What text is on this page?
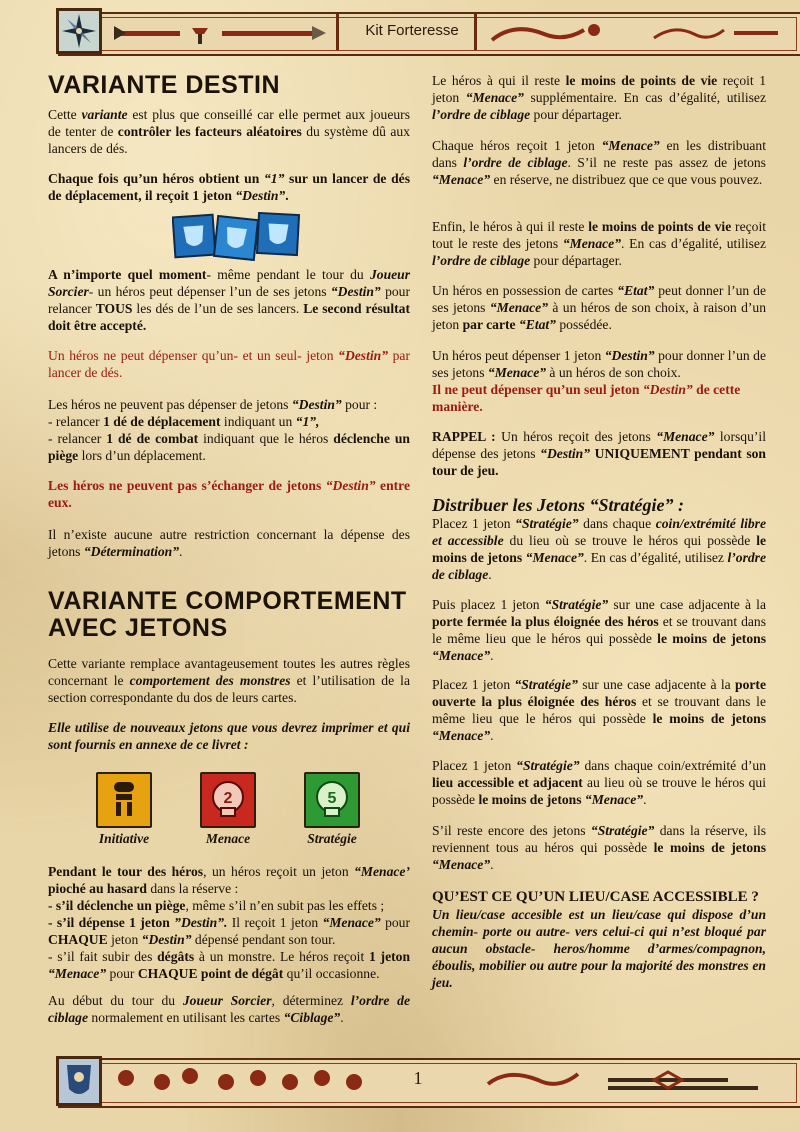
Kit Forteresse
VARIANTE DESTIN

Cette variante est plus que conseillé car elle permet aux joueurs de tenter de contrôler les facteurs aléatoires du système dû aux lancers de dés.

Chaque fois qu’un héros obtient un “1” sur un lancer de dés de déplacement, il reçoit 1 jeton “Destin”.

A n’importe quel moment- même pendant le tour du Joueur Sorcier- un héros peut dépenser l’un de ses jetons “Destin” pour relancer TOUS les dés de l’un de ses lancers. Le second résultat doit être accepté.

Un héros ne peut dépenser qu’un- et un seul- jeton “Destin” par lancer de dés.

Les héros ne peuvent pas dépenser de jetons “Destin” pour :

- relancer 1 dé de déplacement indiquant un “1”,

- relancer 1 dé de combat indiquant que le héros déclenche un piège lors d’un déplacement.

Les héros ne peuvent pas s’échanger de jetons “Destin” entre eux.

Il n’existe aucune autre restriction concernant la dépense des jetons “Détermination”.

VARIANTE COMPORTEMENT
AVEC JETONS

Cette variante remplace avantageusement toutes les autres règles concernant le comportement des monstres et l’utilisation de la section correspondante du dos de leurs cartes.

Elle utilise de nouveaux jetons que vous devrez imprimer et qui sont fournis en annexe de ce livret :

2	5
Initiative	Menace	Stratégie

Pendant le tour des héros, un héros reçoit un jeton “Menace’ pioché au hasard dans la réserve :

- s’il déclenche un piège, même s’il n’en subit pas les effets ;

- s’il dépense 1 jeton ”Destin”. Il reçoit 1 jeton “Menace” pour CHAQUE jeton “Destin” dépensé pendant son tour.

- s’il fait subir des dégâts à un monstre. Le héros reçoit 1 jeton “Menace” pour CHAQUE point de dégât qu’il occasionne.

Au début du tour du Joueur Sorcier, déterminez l’ordre de ciblage normalement en utilisant les cartes “Ciblage”.

Le héros à qui il reste le moins de points de vie reçoit 1 jeton “Menace” supplémentaire. En cas d’égalité, utilisez l’ordre de ciblage pour départager.

Chaque héros reçoit 1 jeton “Menace” en les distribuant dans l’ordre de ciblage. S’il ne reste pas assez de jetons “Menace” en réserve, ne distribuez que ce que vous pouvez.

Enfin, le héros à qui il reste le moins de points de vie reçoit tout le reste des jetons “Menace”. En cas d’égalité, utilisez l’ordre de ciblage pour départager.

Un héros en possession de cartes “Etat” peut donner l’un de ses jetons “Menace” à un héros de son choix, à raison d’un jeton par carte “Etat” possédée.

Un héros peut dépenser 1 jeton “Destin” pour donner l’un de ses jetons “Menace” à un héros de son choix.

Il ne peut dépenser qu’un seul jeton “Destin” de cette manière.

RAPPEL : Un héros reçoit des jetons “Menace” lorsqu’il dépense des jetons “Destin” UNIQUEMENT pendant son tour de jeu.

Distribuer les Jetons “Stratégie” :

Placez 1 jeton “Stratégie” dans chaque coin/extrémité libre et accessible du lieu où se trouve le héros qui possède le moins de jetons “Menace”. En cas d’égalité, utilisez l’ordre de ciblage.

Puis placez 1 jeton “Stratégie” sur une case adjacente à la porte fermée la plus éloignée des héros et se trouvant dans le même lieu que le héros qui possède le moins de jetons “Menace”.

Placez 1 jeton “Stratégie” sur une case adjacente à la porte ouverte la plus éloignée des héros et se trouvant dans le même lieu que le héros qui possède le moins de jetons “Menace”.

Placez 1 jeton “Stratégie” dans chaque coin/extrémité d’un lieu accessible et adjacent au lieu où se trouve le héros qui possède le moins de jetons “Menace”.

S’il reste encore des jetons “Stratégie” dans la réserve, ils reviennent tous au héros qui possède le moins de jetons “Menace”.

QU’EST CE QU’UN LIEU/CASE ACCESSIBLE ?

Un lieu/case accesible est un lieu/case qui dispose d’un chemin- porte ou autre- vers celui-ci qui n’est bloqué par aucun obstacle- heros/homme d’armes/compagnon, éboulis, mobilier ou autre pour la majorité des monstres en jeu.

1
